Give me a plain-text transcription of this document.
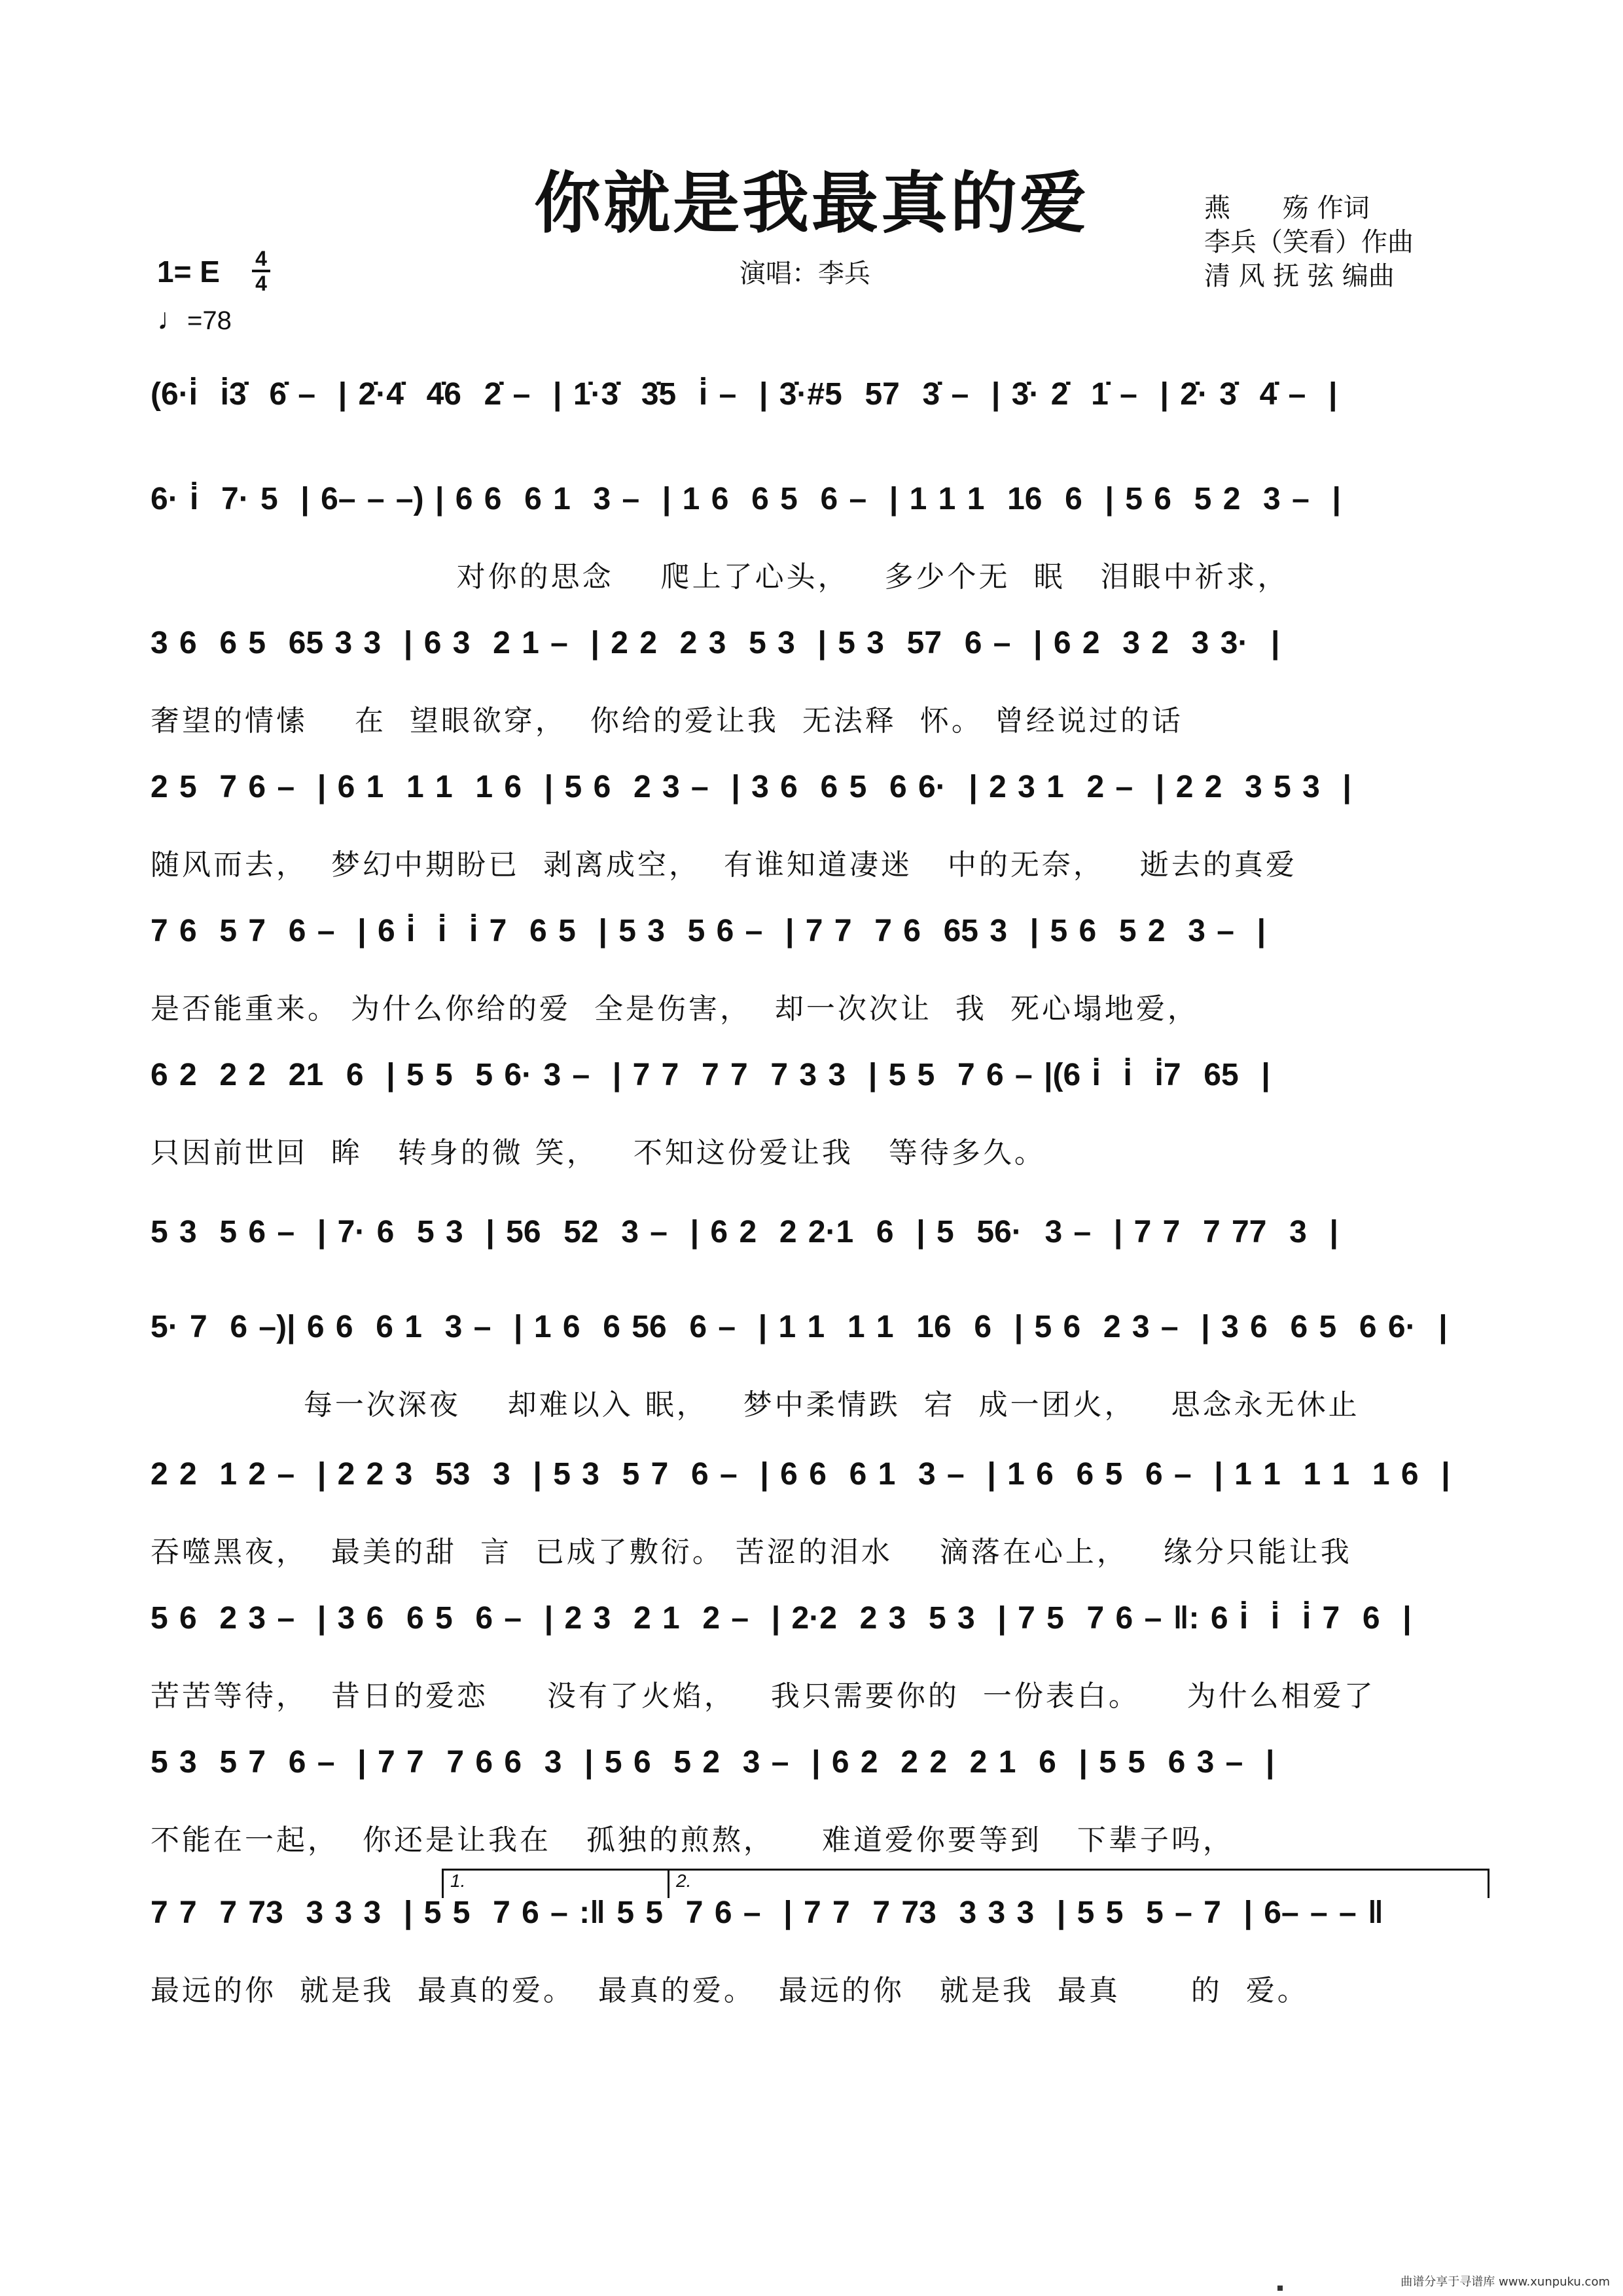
你就是我最真的爱	燕　　殇 作词
李兵（笑看）作曲
清 风 抚 弦 编曲
1= E 4
4
♩=78
演唱：李兵
(6·i̇  i̇3̇  6̇ –  | 2̇·4̇  4̇6  2̇ –  | 1̇·3̇  3̇5  i̇ –  | 3̇·#5  57  3̇ –  | 3̇· 2̇  1̇ –  | 2̇· 3̇  4̇ –  |
6· i̇  7· 5  | 6– – –) | 6 6  6 1  3 –  | 1 6  6 5  6 –  | 1 1 1  16  6  | 5 6  5 2  3 –  |
对你的思念    爬上了心头，   多少个无  眠   泪眼中祈求，
3 6  6 5  65 3 3  | 6 3  2 1 –  | 2 2  2 3  5 3  | 5 3  57  6 –  | 6 2  3 2  3 3·  |
奢望的情愫    在  望眼欲穿，  你给的爱让我  无法释  怀。 曾经说过的话
2 5  7 6 –  | 6 1  1 1  1 6  | 5 6  2 3 –  | 3 6  6 5  6 6·  | 2 3 1  2 –  | 2 2  3 5 3  |
随风而去，  梦幻中期盼已  剥离成空，  有谁知道凄迷   中的无奈，   逝去的真爱
7 6  5 7  6 –  | 6 i̇  i̇  i̇ 7  6 5  | 5 3  5 6 –  | 7 7  7 6  65 3  | 5 6  5 2  3 –  |
是否能重来。 为什么你给的爱  全是伤害，  却一次次让  我  死心塌地爱，
6 2  2 2  21  6  | 5 5  5 6· 3 –  | 7 7  7 7  7 3 3  | 5 5  7 6 – |(6 i̇  i̇  i̇7  65  |
只因前世回  眸   转身的微 笑，   不知这份爱让我   等待多久。
5 3  5 6 –  | 7· 6  5 3  | 56  52  3 –  | 6 2  2 2·1  6  | 5  56·  3 –  | 7 7  7 77  3  |
5· 7  6 –)| 6 6  6 1  3 –  | 1 6  6 56  6 –  | 1 1  1 1  16  6  | 5 6  2 3 –  | 3 6  6 5  6 6·  |
每一次深夜    却难以入 眠，   梦中柔情跌  宕  成一团火，   思念永无休止
2 2  1 2 –  | 2 2 3  53  3  | 5 3  5 7  6 –  | 6 6  6 1  3 –  | 1 6  6 5  6 –  | 1 1  1 1  1 6  |
吞噬黑夜，  最美的甜  言  已成了敷衍。 苦涩的泪水    滴落在心上，   缘分只能让我
5 6  2 3 –  | 3 6  6 5  6 –  | 2 3  2 1  2 –  | 2·2  2 3  5 3  | 7 5  7 6 – ‖: 6 i̇  i̇  i̇ 7  6  |
苦苦等待，  昔日的爱恋     没有了火焰，   我只需要你的  一份表白。    为什么相爱了
5 3  5 7  6 –  | 7 7  7 6 6  3  | 5 6  5 2  3 –  | 6 2  2 2  2 1  6  | 5 5  6 3 –  |
不能在一起，  你还是让我在   孤独的煎熬，    难道爱你要等到   下辈子吗，
1.	2.
7 7  7 73  3 3 3  | 5 5  7 6 – :‖ 5 5  7 6 –  | 7 7  7 73  3 3 3  | 5 5  5 – 7  | 6– – – ‖
最远的你  就是我  最真的爱。  最真的爱。  最远的你   就是我  最真      的  爱。
曲谱分享于寻谱库 www.xunpuku.com
